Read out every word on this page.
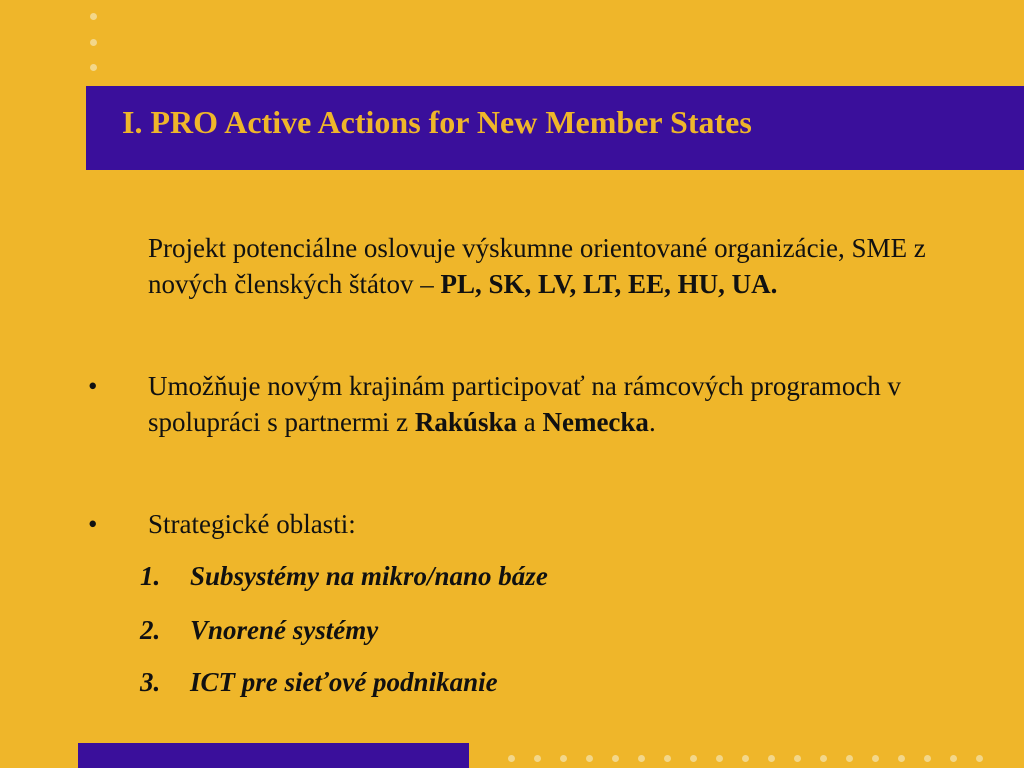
I. PRO Active Actions for New Member States
Projekt potenciálne oslovuje výskumne orientované organizácie, SME z nových členských štátov – PL, SK, LV, LT, EE, HU, UA.
• Umožňuje novým krajinám participovať na rámcových programoch v spolupráci s partnermi z Rakúska a Nemecka.
• Strategické oblasti:
1. Subsystémy na mikro/nano báze
2. Vnorené systémy
3. ICT pre sieťové podnikanie
